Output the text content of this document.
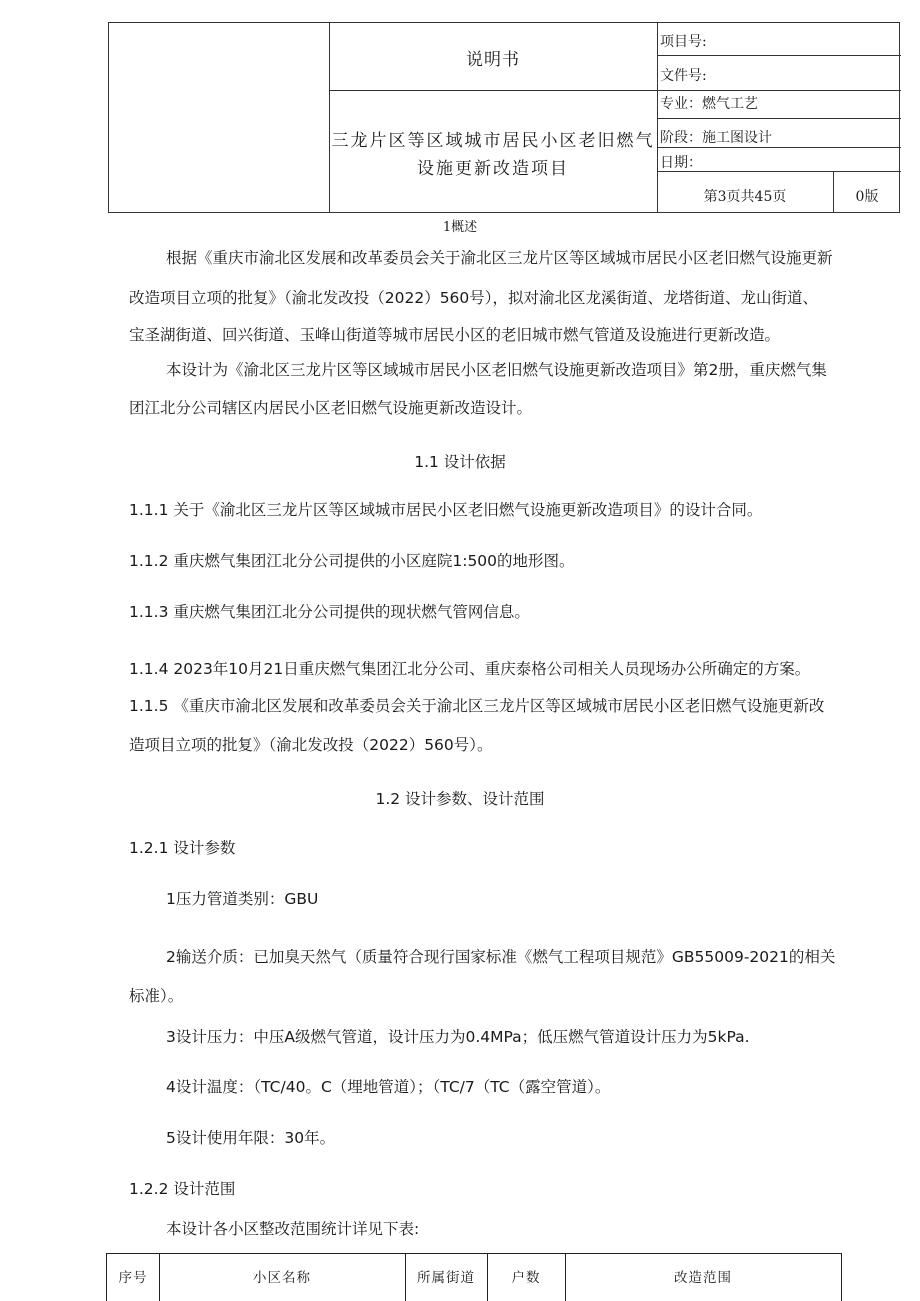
说明书
三龙片区等区域城市居民小区老旧燃气设施更新改造项目
项目号:
文件号:
专业：燃气工艺
阶段：施工图设计
日期：
第3页共45页	0版
1概述
根据《重庆市渝北区发展和改革委员会关于渝北区三龙片区等区域城市居民小区老旧燃气设施更新
改造项目立项的批复》（渝北发改投（2022）560号），拟对渝北区龙溪街道、龙塔街道、龙山街道、
宝圣湖街道、回兴街道、玉峰山街道等城市居民小区的老旧城市燃气管道及设施进行更新改造。
本设计为《渝北区三龙片区等区域城市居民小区老旧燃气设施更新改造项目》第2册，重庆燃气集
团江北分公司辖区内居民小区老旧燃气设施更新改造设计。
1.1 设计依据
1.1.1 关于《渝北区三龙片区等区域城市居民小区老旧燃气设施更新改造项目》的设计合同。
1.1.2 重庆燃气集团江北分公司提供的小区庭院1:500的地形图。
1.1.3 重庆燃气集团江北分公司提供的现状燃气管网信息。
1.1.4 2023年10月21日重庆燃气集团江北分公司、重庆泰格公司相关人员现场办公所确定的方案。
1.1.5 《重庆市渝北区发展和改革委员会关于渝北区三龙片区等区域城市居民小区老旧燃气设施更新改
造项目立项的批复》（渝北发改投（2022）560号）。
1.2 设计参数、设计范围
1.2.1 设计参数
1压力管道类别：GBU
2输送介质：已加臭天然气（质量符合现行国家标准《燃气工程项目规范》GB55009-2021的相关
标准）。
3设计压力：中压A级燃气管道，设计压力为0.4MPa；低压燃气管道设计压力为5kPa.
4设计温度：（TC/40。C（埋地管道）；（TC/7（TC（露空管道）。
5设计使用年限：30年。
1.2.2 设计范围
本设计各小区整改范围统计详见下表:
序号	小区名称	所属街道	户数	改造范围
